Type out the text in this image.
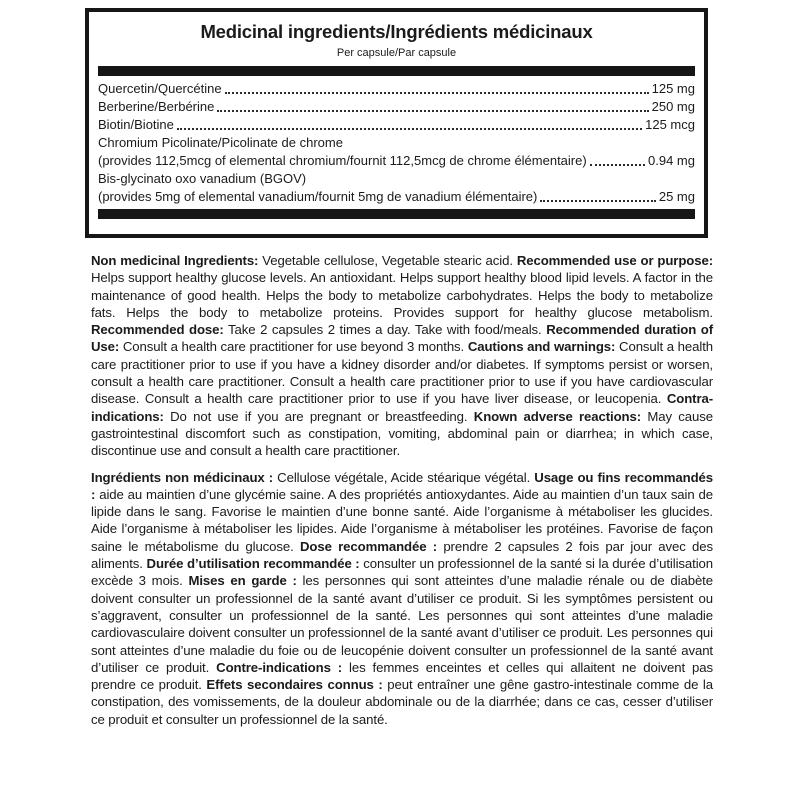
Medicinal ingredients/Ingrédients médicinaux
Per capsule/Par capsule
Quercetin/Quercétine	125 mg
Berberine/Berbérine	250 mg
Biotin/Biotine	125 mcg
Chromium Picolinate/Picolinate de chrome
(provides 112,5mcg of elemental chromium/fournit 112,5mcg de chrome élémentaire)	0.94 mg
Bis-glycinato oxo vanadium (BGOV)
(provides 5mg of elemental vanadium/fournit 5mg de vanadium élémentaire)	25 mg

Non medicinal Ingredients: Vegetable cellulose, Vegetable stearic acid. Recommended use or purpose: Helps support healthy glucose levels. An antioxidant. Helps support healthy blood lipid levels. A factor in the maintenance of good health. Helps the body to metabolize carbohydrates. Helps the body to metabolize fats. Helps the body to metabolize proteins. Provides support for healthy glucose metabolism. Recommended dose: Take 2 capsules 2 times a day. Take with food/meals. Recommended duration of Use: Consult a health care practitioner for use beyond 3 months. Cautions and warnings: Consult a health care practitioner prior to use if you have a kidney disorder and/or diabetes. If symptoms persist or worsen, consult a health care practitioner. Consult a health care practitioner prior to use if you have cardiovascular disease. Consult a health care practitioner prior to use if you have liver disease, or leucopenia. Contra-indications: Do not use if you are pregnant or breastfeeding. Known adverse reactions: May cause gastrointestinal discomfort such as constipation, vomiting, abdominal pain or diarrhea; in which case, discontinue use and consult a health care practitioner.

Ingrédients non médicinaux : Cellulose végétale, Acide stéarique végétal. Usage ou fins recommandés : aide au maintien d’une glycémie saine. A des propriétés antioxydantes. Aide au maintien d’un taux sain de lipide dans le sang. Favorise le maintien d’une bonne santé. Aide l’organisme à métaboliser les glucides. Aide l’organisme à métaboliser les lipides. Aide l’organisme à métaboliser les protéines. Favorise de façon saine le métabolisme du glucose. Dose recommandée : prendre 2 capsules 2 fois par jour avec des aliments. Durée d’utilisation recommandée : consulter un professionnel de la santé si la durée d’utilisation excède 3 mois. Mises en garde : les personnes qui sont atteintes d’une maladie rénale ou de diabète doivent consulter un professionnel de la santé avant d’utiliser ce produit. Si les symptômes persistent ou s’aggravent, consulter un professionnel de la santé. Les personnes qui sont atteintes d’une maladie cardiovasculaire doivent consulter un professionnel de la santé avant d’utiliser ce produit. Les personnes qui sont atteintes d’une maladie du foie ou de leucopénie doivent consulter un professionnel de la santé avant d’utiliser ce produit. Contre-indications : les femmes enceintes et celles qui allaitent ne doivent pas prendre ce produit. Effets secondaires connus : peut entraîner une gêne gastro-intestinale comme de la constipation, des vomissements, de la douleur abdominale ou de la diarrhée; dans ce cas, cesser d’utiliser ce produit et consulter un professionnel de la santé.
